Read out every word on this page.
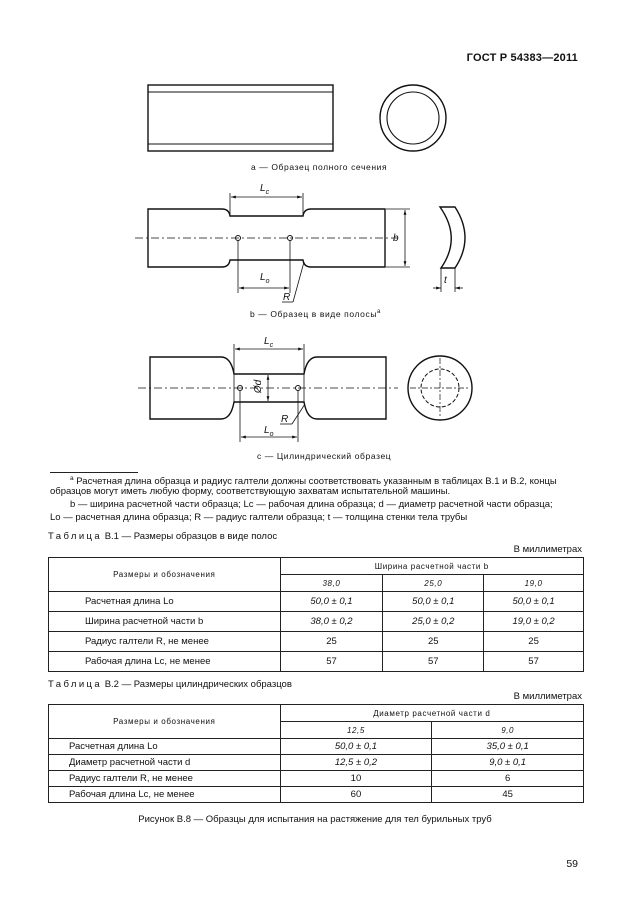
ГОСТ Р 54383—2011
$L_c$
$L_o$
b
R
t
$L_c$
Ød
$L_o$
R
а — Образец полного сечения
b — Образец в виде полосы$^а$
с — Цилиндрический образец
$^а$ Расчетная длина образца и радиус галтели должны соответствовать указанным в таблицах В.1 и В.2, концы
образцов могут иметь любую форму, соответствующую захватам испытательной машины.
b — ширина расчетной части образца; Lc — рабочая длина образца; d — диаметр расчетной части образца;
Lo — расчетная длина образца; R — радиус галтели образца; t — толщина стенки тела трубы
Таблица В.1 — Размеры образцов в виде полос
В миллиметрах
Размеры и обозначения	Ширина расчетной части b		
	38,0	25,0	19,0
Расчетная длина Lo	50,0 ± 0,1	50,0 ± 0,1	50,0 ± 0,1
Ширина расчетной части b	38,0 ± 0,2	25,0 ± 0,2	19,0 ± 0,2
Радиус галтели R, не менее	25	25	25
Рабочая длина Lc, не менее	57	57	57
Таблица В.2 — Размеры цилиндрических образцов
В миллиметрах
Размеры и обозначения	Диаметр расчетной части d	
	12,5	9,0
Расчетная длина Lo	50,0 ± 0,1	35,0 ± 0,1
Диаметр расчетной части d	12,5 ± 0,2	9,0 ± 0,1
Радиус галтели R, не менее	10	6
Рабочая длина Lc, не менее	60	45
Рисунок В.8 — Образцы для испытания на растяжение для тел бурильных труб
59
